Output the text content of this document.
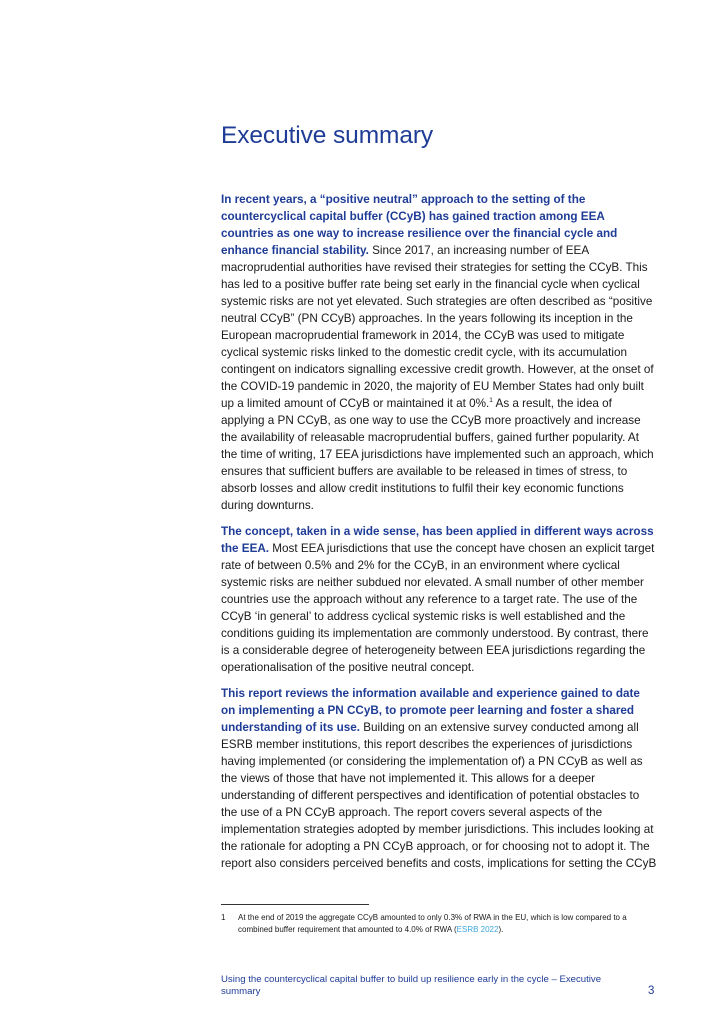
Executive summary

In recent years, a “positive neutral” approach to the setting of the countercyclical capital buffer (CCyB) has gained traction among EEA countries as one way to increase resilience over the financial cycle and enhance financial stability. Since 2017, an increasing number of EEA macroprudential authorities have revised their strategies for setting the CCyB. This has led to a positive buffer rate being set early in the financial cycle when cyclical systemic risks are not yet elevated. Such strategies are often described as “positive neutral CCyB” (PN CCyB) approaches. In the years following its inception in the European macroprudential framework in 2014, the CCyB was used to mitigate cyclical systemic risks linked to the domestic credit cycle, with its accumulation contingent on indicators signalling excessive credit growth. However, at the onset of the COVID-19 pandemic in 2020, the majority of EU Member States had only built up a limited amount of CCyB or maintained it at 0%.$^1$ As a result, the idea of applying a PN CCyB, as one way to use the CCyB more proactively and increase the availability of releasable macroprudential buffers, gained further popularity. At the time of writing, 17 EEA jurisdictions have implemented such an approach, which ensures that sufficient buffers are available to be released in times of stress, to absorb losses and allow credit institutions to fulfil their key economic functions during downturns.

The concept, taken in a wide sense, has been applied in different ways across the EEA. Most EEA jurisdictions that use the concept have chosen an explicit target rate of between 0.5% and 2% for the CCyB, in an environment where cyclical systemic risks are neither subdued nor elevated. A small number of other member countries use the approach without any reference to a target rate. The use of the CCyB ‘in general’ to address cyclical systemic risks is well established and the conditions guiding its implementation are commonly understood. By contrast, there is a considerable degree of heterogeneity between EEA jurisdictions regarding the operationalisation of the positive neutral concept.

This report reviews the information available and experience gained to date on implementing a PN CCyB, to promote peer learning and foster a shared understanding of its use. Building on an extensive survey conducted among all ESRB member institutions, this report describes the experiences of jurisdictions having implemented (or considering the implementation of) a PN CCyB as well as the views of those that have not implemented it. This allows for a deeper understanding of different perspectives and identification of potential obstacles to the use of a PN CCyB approach. The report covers several aspects of the implementation strategies adopted by member jurisdictions. This includes looking at the rationale for adopting a PN CCyB approach, or for choosing not to adopt it. The report also considers perceived benefits and costs, implications for setting the CCyB

1 At the end of 2019 the aggregate CCyB amounted to only 0.3% of RWA in the EU, which is low compared to a combined buffer requirement that amounted to 4.0% of RWA (ESRB 2022).
Using the countercyclical capital buffer to build up resilience early in the cycle – Executive summary	3
